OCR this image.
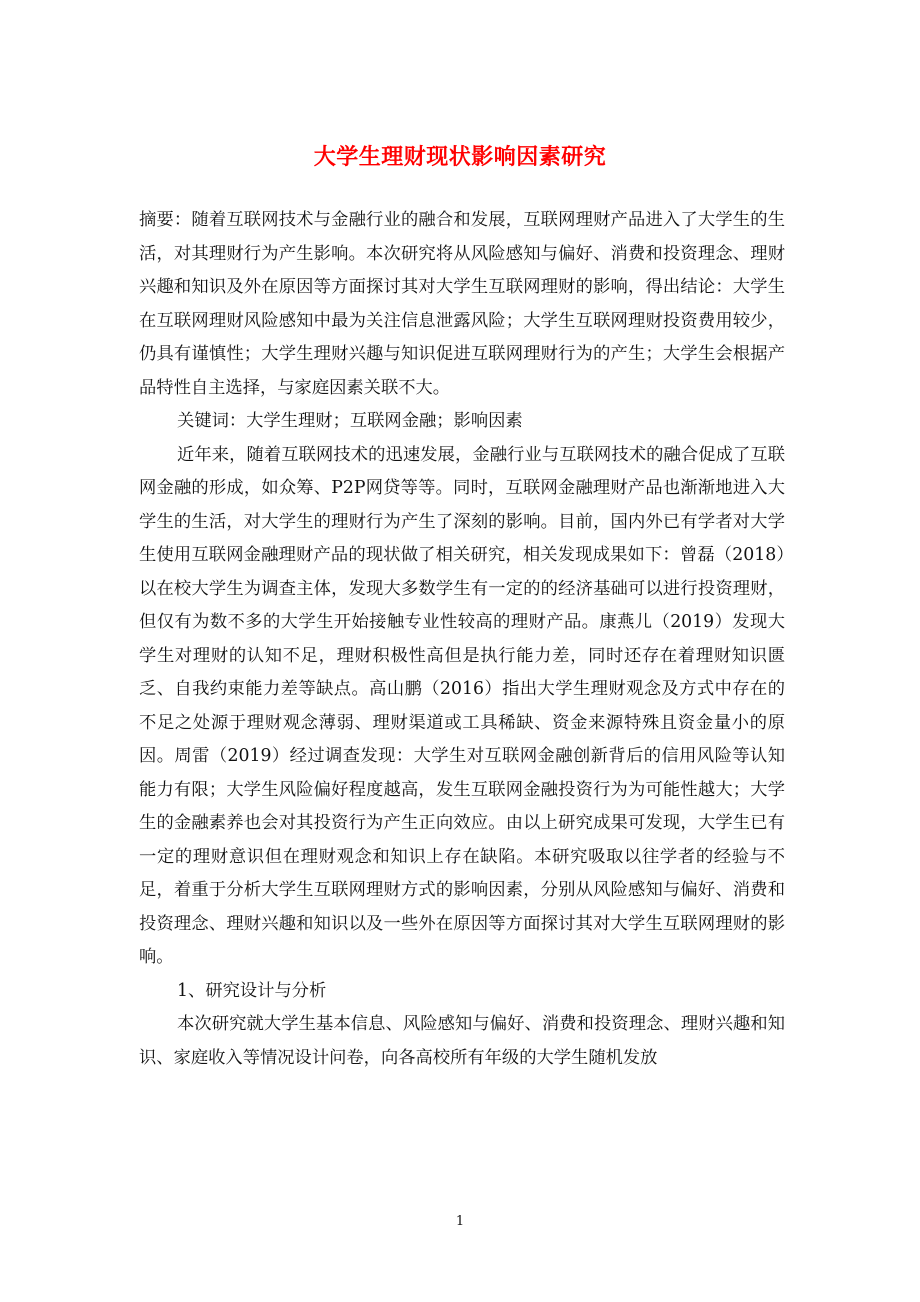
大学生理财现状影响因素研究

摘要：随着互联网技术与金融行业的融合和发展，互联网理财产品进入了大学生的生活，对其理财行为产生影响。本次研究将从风险感知与偏好、消费和投资理念、理财兴趣和知识及外在原因等方面探讨其对大学生互联网理财的影响，得出结论：大学生在互联网理财风险感知中最为关注信息泄露风险；大学生互联网理财投资费用较少，仍具有谨慎性；大学生理财兴趣与知识促进互联网理财行为的产生；大学生会根据产品特性自主选择，与家庭因素关联不大。

关键词：大学生理财；互联网金融；影响因素

近年来，随着互联网技术的迅速发展，金融行业与互联网技术的融合促成了互联网金融的形成，如众筹、P2P网贷等等。同时，互联网金融理财产品也渐渐地进入大学生的生活，对大学生的理财行为产生了深刻的影响。目前，国内外已有学者对大学生使用互联网金融理财产品的现状做了相关研究，相关发现成果如下：曾磊（2018）以在校大学生为调查主体，发现大多数学生有一定的的经济基础可以进行投资理财，但仅有为数不多的大学生开始接触专业性较高的理财产品。康燕儿（2019）发现大学生对理财的认知不足，理财积极性高但是执行能力差，同时还存在着理财知识匮乏、自我约束能力差等缺点。高山鹏（2016）指出大学生理财观念及方式中存在的不足之处源于理财观念薄弱、理财渠道或工具稀缺、资金来源特殊且资金量小的原因。周雷（2019）经过调查发现：大学生对互联网金融创新背后的信用风险等认知能力有限；大学生风险偏好程度越高，发生互联网金融投资行为为可能性越大；大学生的金融素养也会对其投资行为产生正向效应。由以上研究成果可发现，大学生已有一定的理财意识但在理财观念和知识上存在缺陷。本研究吸取以往学者的经验与不足，着重于分析大学生互联网理财方式的影响因素，分别从风险感知与偏好、消费和投资理念、理财兴趣和知识以及一些外在原因等方面探讨其对大学生互联网理财的影响。

1、研究设计与分析

本次研究就大学生基本信息、风险感知与偏好、消费和投资理念、理财兴趣和知识、家庭收入等情况设计问卷，向各高校所有年级的大学生随机发放

1
